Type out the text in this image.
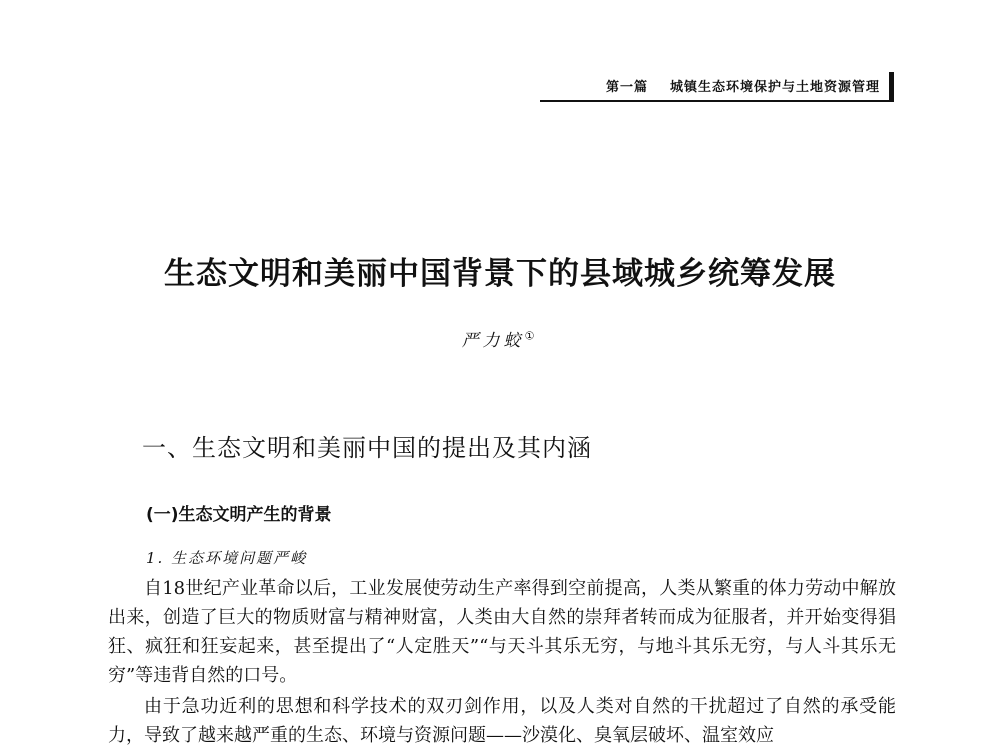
第一篇 城镇生态环境保护与土地资源管理
生态文明和美丽中国背景下的县域城乡统筹发展
严力蛟①
一、生态文明和美丽中国的提出及其内涵
(一)生态文明产生的背景
1. 生态环境问题严峻

自18世纪产业革命以后，工业发展使劳动生产率得到空前提高，人类从繁重的体力劳动中解放出来，创造了巨大的物质财富与精神财富，人类由大自然的崇拜者转而成为征服者，并开始变得猖狂、疯狂和狂妄起来，甚至提出了“人定胜天”“与天斗其乐无穷，与地斗其乐无穷，与人斗其乐无穷”等违背自然的口号。

由于急功近利的思想和科学技术的双刃剑作用，以及人类对自然的干扰超过了自然的承受能力，导致了越来越严重的生态、环境与资源问题——沙漠化、臭氧层破坏、温室效应
